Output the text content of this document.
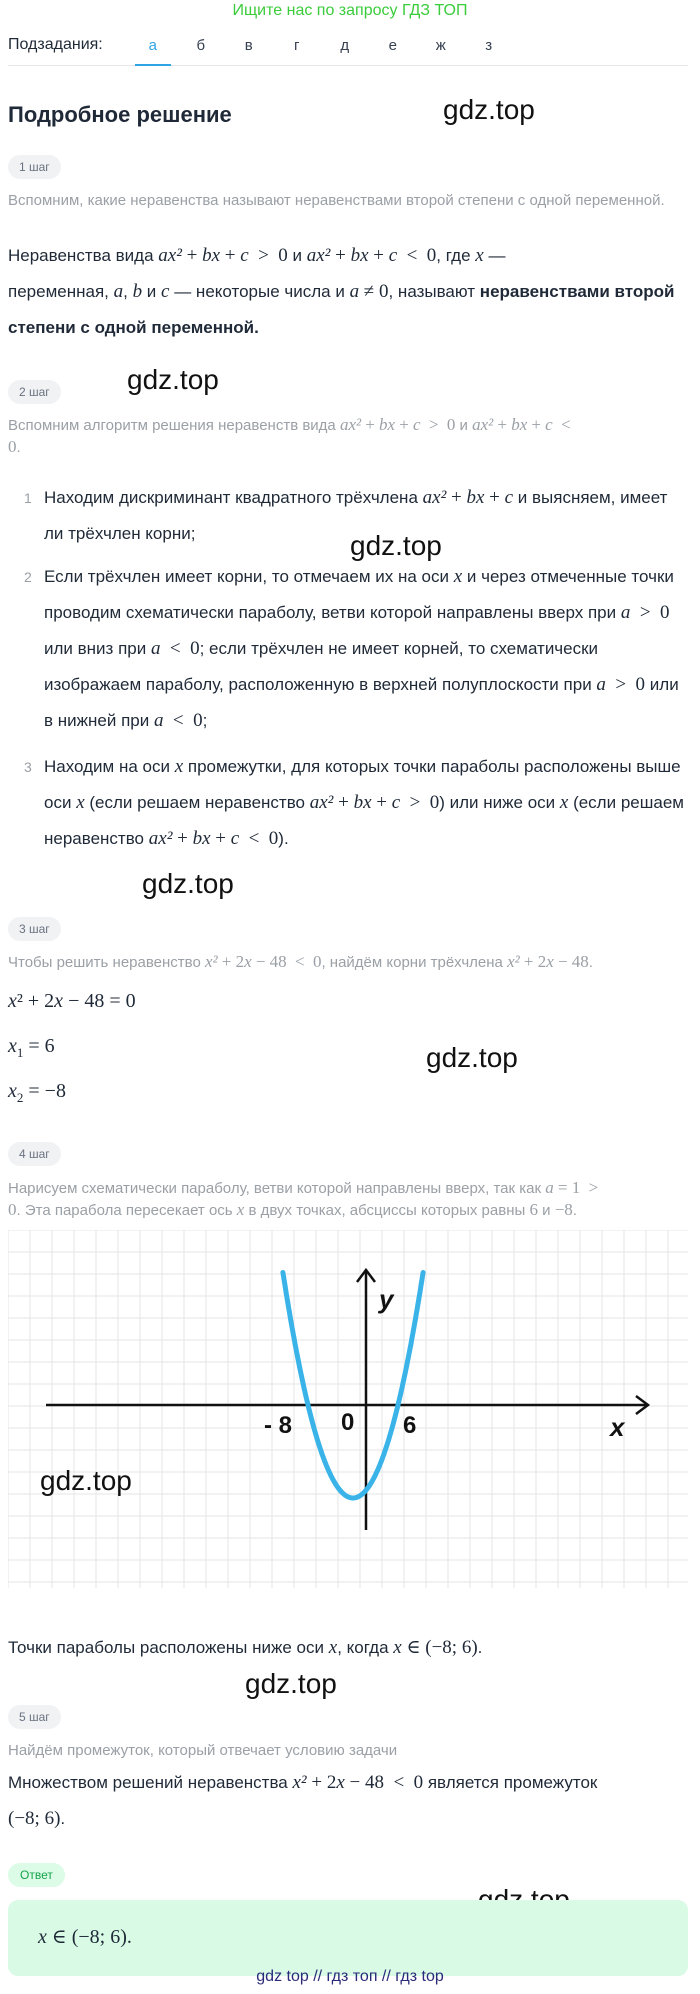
Ищите нас по запросу ГДЗ ТОП
Подзадания:	а	б	в	г	д	е	ж	з
Подробное решение	gdz.top
gdz.top
gdz.top
gdz.top
gdz.top
gdz.top
1 шаг
Вспомним, какие неравенства называют неравенствами второй степени с одной переменной.
Неравенства вида ax² + bx + c > 0 и ax² + bx + c < 0, где x —
переменная, a, b и c — некоторые числа и a ≠ 0, называют неравенствами второй степени с одной переменной.
2 шаг
Вспомним алгоритм решения неравенств вида ax² + bx + c > 0 и ax² + bx + c <
0.
1 Находим дискриминант квадратного трёхчлена ax² + bx + c и выясняем, имеет ли трёхчлен корни;
2 Если трёхчлен имеет корни, то отмечаем их на оси x и через отмеченные точки проводим схематически параболу, ветви которой направлены вверх при a > 0 или вниз при a < 0; если трёхчлен не имеет корней, то схематически изображаем параболу, расположенную в верхней полуплоскости при a > 0 или в нижней при a < 0;
3 Находим на оси x промежутки, для которых точки параболы расположены выше оси x (если решаем неравенство ax² + bx + c > 0) или ниже оси x (если решаем неравенство ax² + bx + c < 0).
3 шаг
Чтобы решить неравенство x² + 2x − 48 < 0, найдём корни трёхчлена x² + 2x − 48.
x² + 2x − 48 = 0
$x_1 = 6$
$x_2 = -8$
4 шаг
Нарисуем схематически параболу, ветви которой направлены вверх, так как a = 1 >
0. Эта парабола пересекает ось x в двух точках, абсциссы которых равны 6 и −8.
- 8 0 6	x
y
gdz.top
Точки параболы расположены ниже оси x, когда x ∈ (−8; 6).
5 шаг
Найдём промежуток, который отвечает условию задачи
Множеством решений неравенства x² + 2x − 48 < 0 является промежуток
(−8; 6).
Ответ
x ∈ (−8; 6).
gdz top // гдз топ // гдз top
